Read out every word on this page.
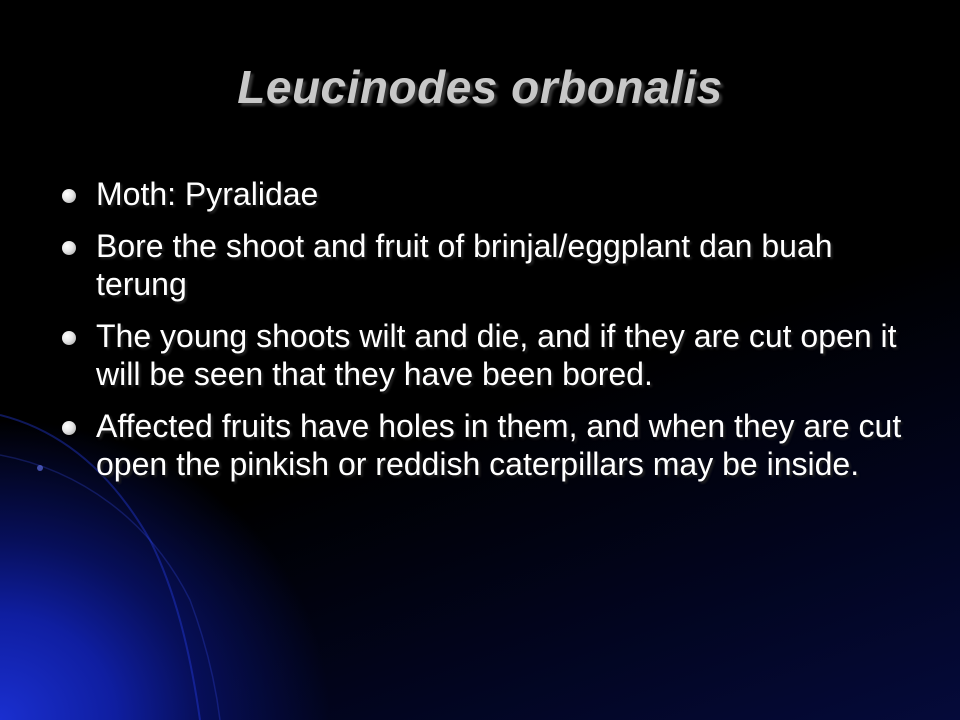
Leucinodes orbonalis
Moth: Pyralidae
Bore the shoot and fruit of brinjal/eggplant dan buah terung
The young shoots wilt and die, and if they are cut open it will be seen that they have been bored.
Affected fruits have holes in them, and when they are cut open the pinkish or reddish caterpillars may be inside.
